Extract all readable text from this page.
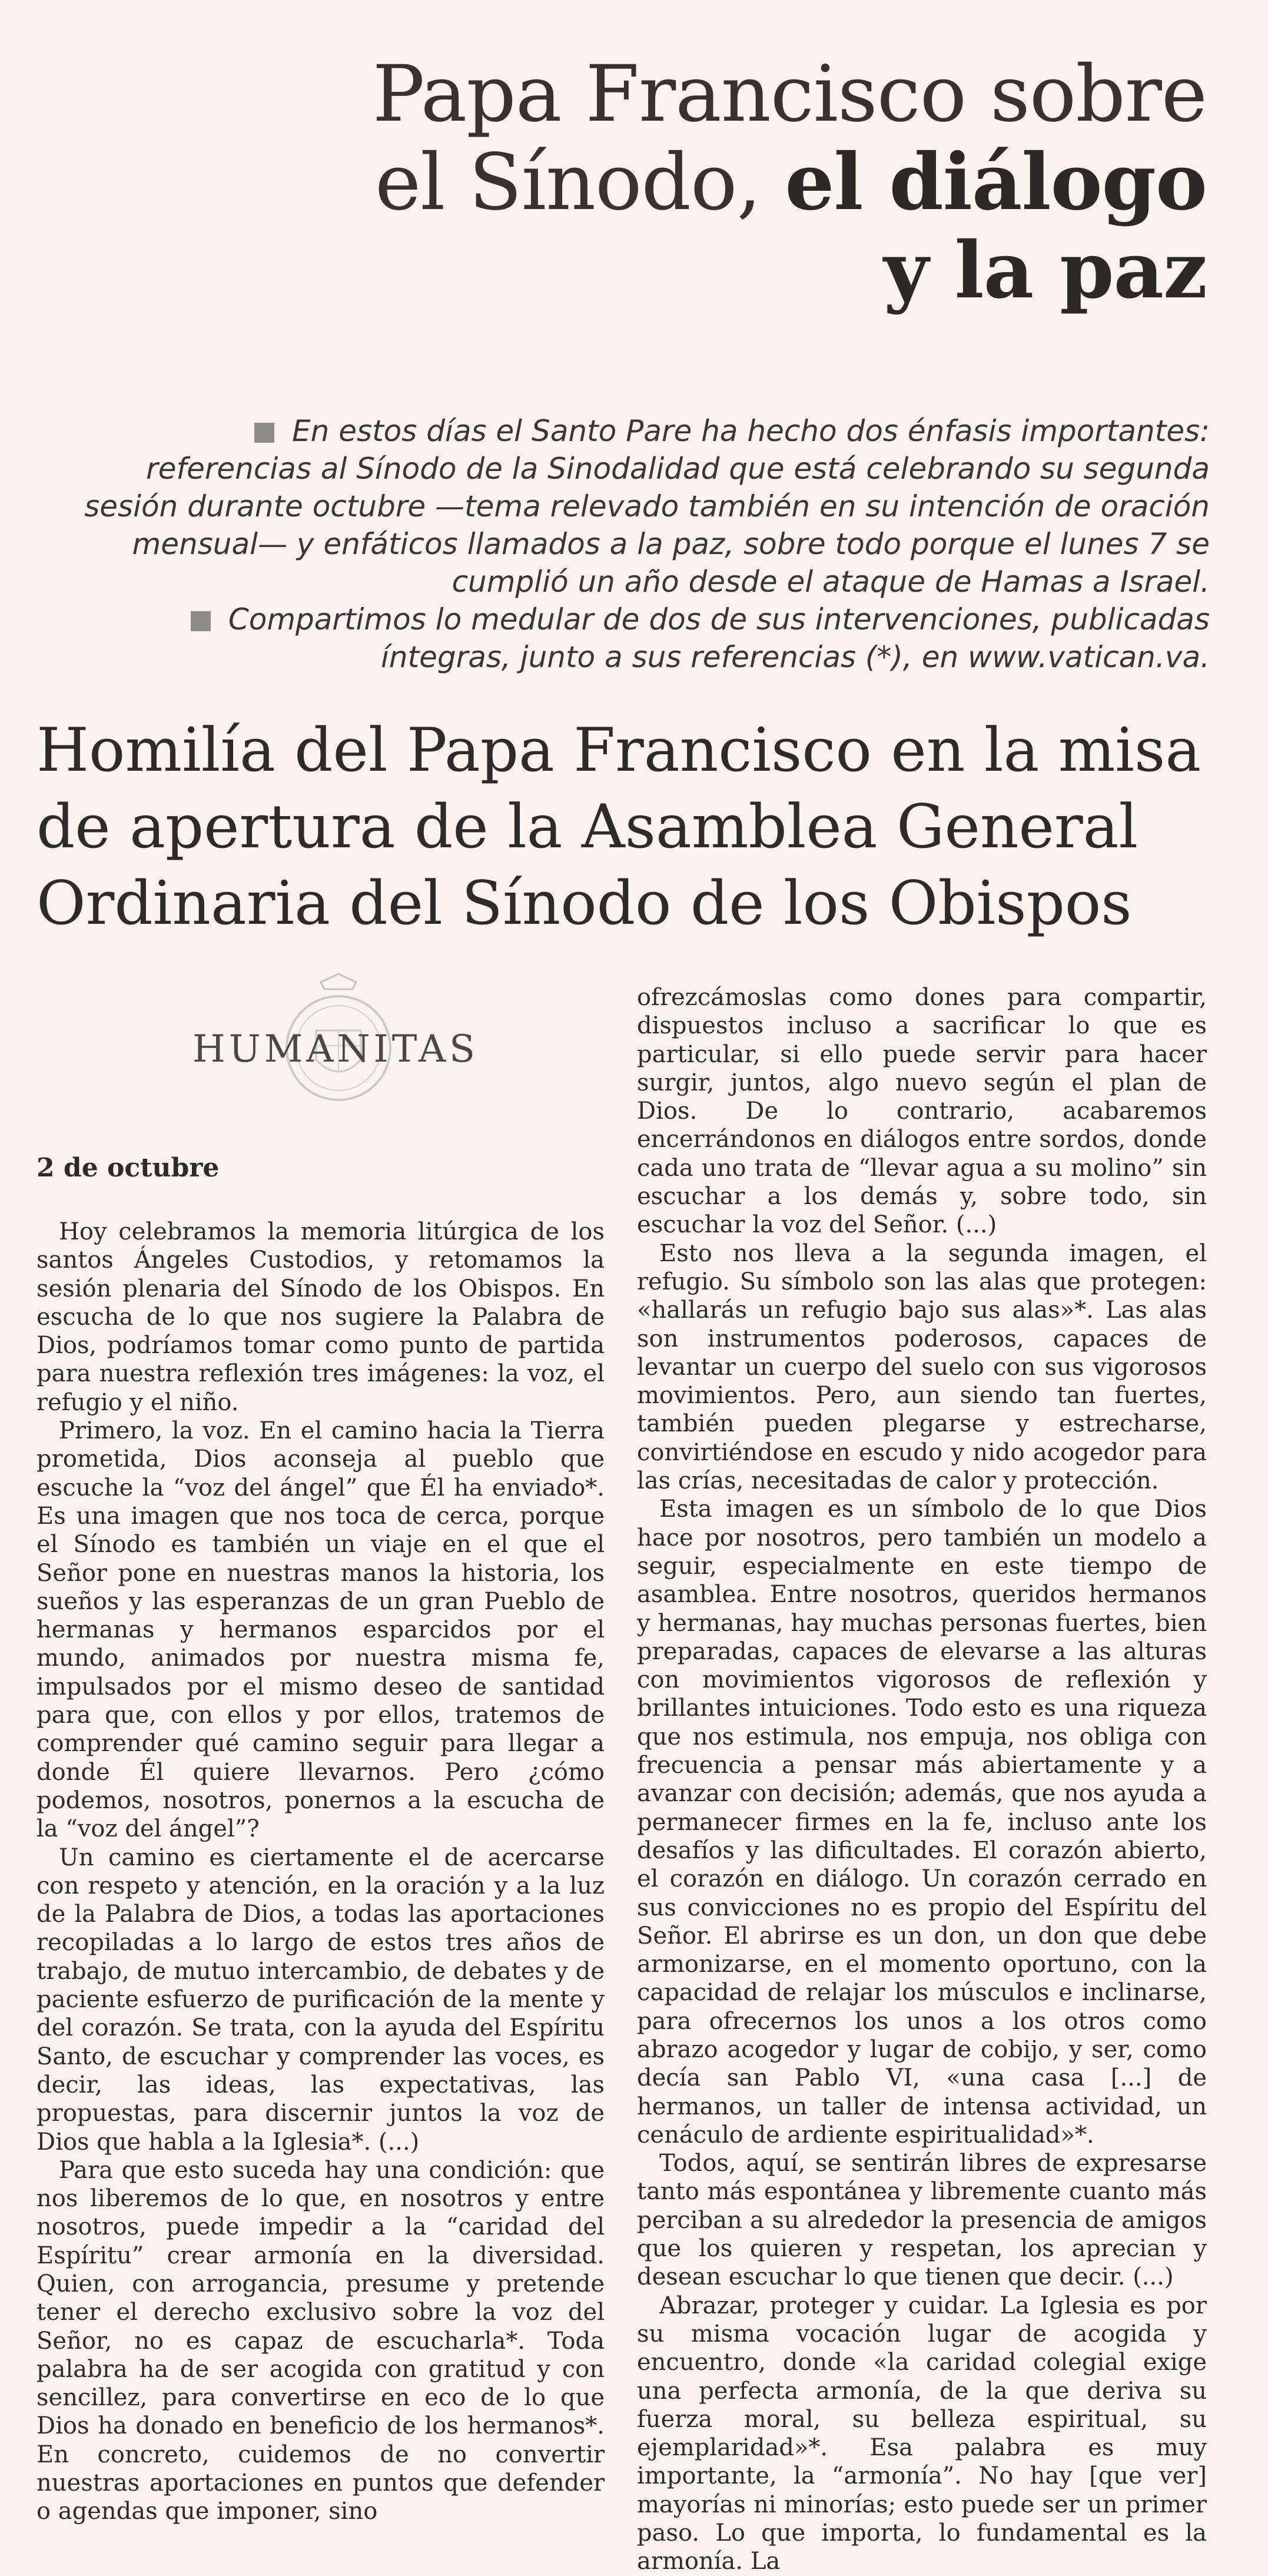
Papa Francisco sobre
el Sínodo, el diálogo
y la paz

En estos días el Santo Pare ha hecho dos énfasis importantes: referencias al Sínodo de la Sinodalidad que está celebrando su segunda sesión durante octubre —tema relevado también en su intención de oración mensual— y enfáticos llamados a la paz, sobre todo porque el lunes 7 se cumplió un año desde el ataque de Hamas a Israel.

Compartimos lo medular de dos de sus intervenciones, publicadas íntegras, junto a sus referencias (*), en www.vatican.va.

Homilía del Papa Francisco en la misa
de apertura de la Asamblea General
Ordinaria del Sínodo de los Obispos
HUMANITAS
2 de octubre

Hoy celebramos la memoria litúrgica de los santos Ángeles Custodios, y retomamos la sesión plenaria del Sínodo de los Obispos. En escucha de lo que nos sugiere la Palabra de Dios, podríamos tomar como punto de partida para nuestra reflexión tres imágenes: la voz, el refugio y el niño.

Primero, la voz. En el camino hacia la Tierra prometida, Dios aconseja al pueblo que escuche la “voz del ángel” que Él ha enviado*. Es una imagen que nos toca de cerca, porque el Sínodo es también un viaje en el que el Señor pone en nuestras manos la historia, los sueños y las esperanzas de un gran Pueblo de hermanas y hermanos esparcidos por el mundo, animados por nuestra misma fe, impulsados por el mismo deseo de santidad para que, con ellos y por ellos, tratemos de comprender qué camino seguir para llegar a donde Él quiere llevarnos. Pero ¿cómo podemos, nosotros, ponernos a la escucha de la “voz del ángel”?

Un camino es ciertamente el de acercarse con respeto y atención, en la oración y a la luz de la Palabra de Dios, a todas las aportaciones recopiladas a lo largo de estos tres años de trabajo, de mutuo intercambio, de debates y de paciente esfuerzo de purificación de la mente y del corazón. Se trata, con la ayuda del Espíritu Santo, de escuchar y comprender las voces, es decir, las ideas, las expectativas, las propuestas, para discernir juntos la voz de Dios que habla a la Iglesia*. (...)

Para que esto suceda hay una condición: que nos liberemos de lo que, en nosotros y entre nosotros, puede impedir a la “caridad del Espíritu” crear armonía en la diversidad. Quien, con arrogancia, presume y pretende tener el derecho exclusivo sobre la voz del Señor, no es capaz de escucharla*. Toda palabra ha de ser acogida con gratitud y con sencillez, para convertirse en eco de lo que Dios ha donado en beneficio de los hermanos*. En concreto, cuidemos de no convertir nuestras aportaciones en puntos que defender o agendas que imponer, sino

ofrezcámoslas como dones para compartir, dispuestos incluso a sacrificar lo que es particular, si ello puede servir para hacer surgir, juntos, algo nuevo según el plan de Dios. De lo contrario, acabaremos encerrándonos en diálogos entre sordos, donde cada uno trata de “llevar agua a su molino” sin escuchar a los demás y, sobre todo, sin escuchar la voz del Señor. (...)

Esto nos lleva a la segunda imagen, el refugio. Su símbolo son las alas que protegen: «hallarás un refugio bajo sus alas»*. Las alas son instrumentos poderosos, capaces de levantar un cuerpo del suelo con sus vigorosos movimientos. Pero, aun siendo tan fuertes, también pueden plegarse y estrecharse, convirtiéndose en escudo y nido acogedor para las crías, necesitadas de calor y protección.

Esta imagen es un símbolo de lo que Dios hace por nosotros, pero también un modelo a seguir, especialmente en este tiempo de asamblea. Entre nosotros, queridos hermanos y hermanas, hay muchas personas fuertes, bien preparadas, capaces de elevarse a las alturas con movimientos vigorosos de reflexión y brillantes intuiciones. Todo esto es una riqueza que nos estimula, nos empuja, nos obliga con frecuencia a pensar más abiertamente y a avanzar con decisión; además, que nos ayuda a permanecer firmes en la fe, incluso ante los desafíos y las dificultades. El corazón abierto, el corazón en diálogo. Un corazón cerrado en sus convicciones no es propio del Espíritu del Señor. El abrirse es un don, un don que debe armonizarse, en el momento oportuno, con la capacidad de relajar los músculos e inclinarse, para ofrecernos los unos a los otros como abrazo acogedor y lugar de cobijo, y ser, como decía san Pablo VI, «una casa [...] de hermanos, un taller de intensa actividad, un cenáculo de ardiente espiritualidad»*.

Todos, aquí, se sentirán libres de expresarse tanto más espontánea y libremente cuanto más perciban a su alrededor la presencia de amigos que los quieren y respetan, los aprecian y desean escuchar lo que tienen que decir. (...)

Abrazar, proteger y cuidar. La Iglesia es por su misma vocación lugar de acogida y encuentro, donde «la caridad colegial exige una perfecta armonía, de la que deriva su fuerza moral, su belleza espiritual, su ejemplaridad»*. Esa palabra es muy importante, la “armonía”. No hay [que ver] mayorías ni minorías; esto puede ser un primer paso. Lo que importa, lo fundamental es la armonía. La
